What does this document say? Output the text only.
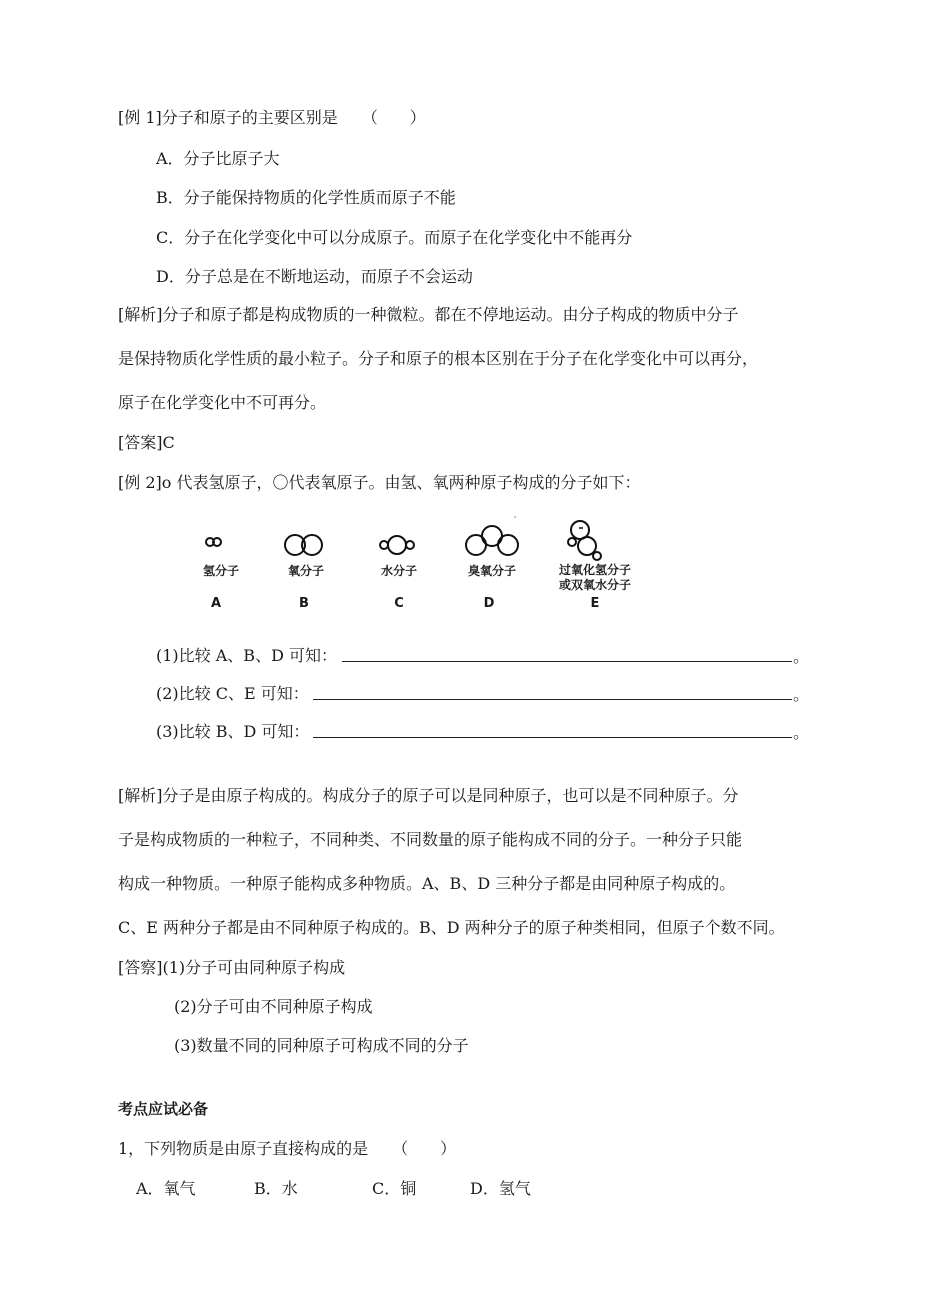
[例 1]分子和原子的主要区别是　　（　　）
A．分子比原子大
B．分子能保持物质的化学性质而原子不能
C．分子在化学变化中可以分成原子。而原子在化学变化中不能再分
D．分子总是在不断地运动，而原子不会运动
[解析]分子和原子都是构成物质的一种微粒。都在不停地运动。由分子构成的物质中分子
是保持物质化学性质的最小粒子。分子和原子的根本区别在于分子在化学变化中可以再分，
原子在化学变化中不可再分。
[答案]C
[例 2]o 代表氢原子，〇代表氧原子。由氢、氧两种原子构成的分子如下：
氢分子	氧分子	水分子	臭氧分子	过氧化氢分子
或双氧水分子
A	B	C	D	E
(1)比较 A、B、D 可知：	。
(2)比较 C、E 可知：	。
(3)比较 B、D 可知：	。
[解析]分子是由原子构成的。构成分子的原子可以是同种原子，也可以是不同种原子。分
子是构成物质的一种粒子，不同种类、不同数量的原子能构成不同的分子。一种分子只能
构成一种物质。一种原子能构成多种物质。A、B、D 三种分子都是由同种原子构成的。
C、E 两种分子都是由不同种原子构成的。B、D 两种分子的原子种类相同，但原子个数不同。
[答察](1)分子可由同种原子构成
(2)分子可由不同种原子构成
(3)数量不同的同种原子可构成不同的分子
考点应试必备
1，下列物质是由原子直接构成的是　　（　　）
A．氧气	B．水	C．铜	D．氢气
